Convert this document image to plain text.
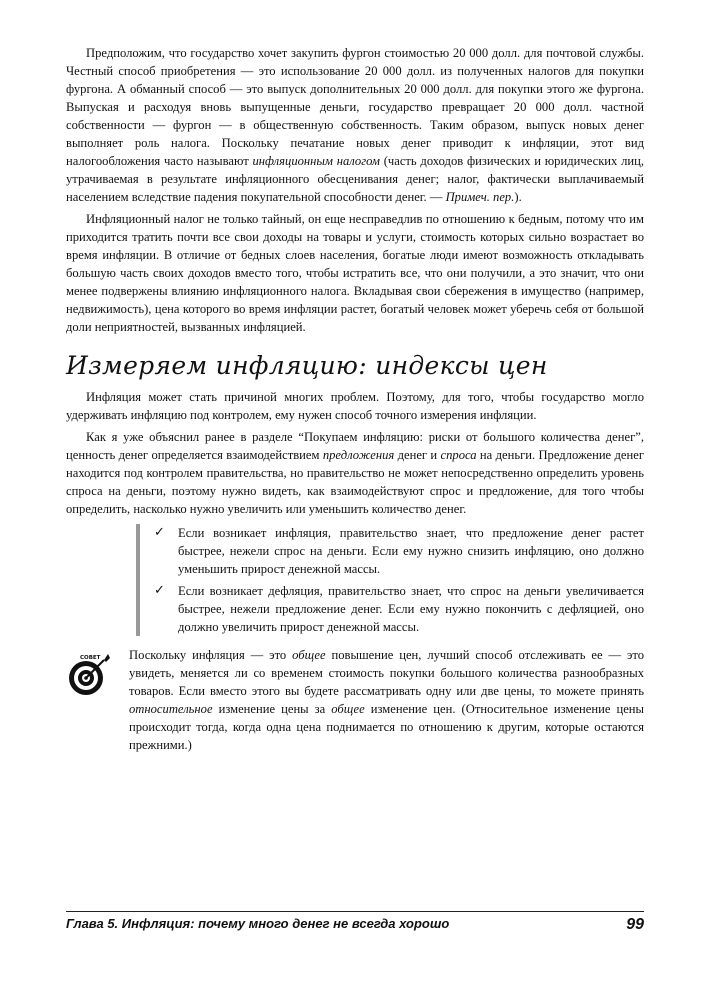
Предположим, что государство хочет закупить фургон стоимостью 20 000 долл. для почтовой службы. Честный способ приобретения — это использование 20 000 долл. из полученных налогов для покупки фургона. А обманный способ — это выпуск дополнительных 20 000 долл. для покупки этого же фургона. Выпуская и расходуя вновь выпущенные деньги, государство превращает 20 000 долл. частной собственности — фургон — в общественную собственность. Таким образом, выпуск новых денег выполняет роль налога. Поскольку печатание новых денег приводит к инфляции, этот вид налогообложения часто называют инфляционным налогом (часть доходов физических и юридических лиц, утрачиваемая в результате инфляционного обесценивания денег; налог, фактически выплачиваемый населением вследствие падения покупательной способности денег. — Примеч. пер.).

Инфляционный налог не только тайный, он еще несправедлив по отношению к бедным, потому что им приходится тратить почти все свои доходы на товары и услуги, стоимость которых сильно возрастает во время инфляции. В отличие от бедных слоев населения, богатые люди имеют возможность откладывать большую часть своих доходов вместо того, чтобы истратить все, что они получили, а это значит, что они менее подвержены влиянию инфляционного налога. Вкладывая свои сбережения в имущество (например, недвижимость), цена которого во время инфляции растет, богатый человек может уберечь себя от большой доли неприятностей, вызванных инфляцией.

Измеряем инфляцию: индексы цен

Инфляция может стать причиной многих проблем. Поэтому, для того, чтобы государство могло удерживать инфляцию под контролем, ему нужен способ точного измерения инфляции.

Как я уже объяснил ранее в разделе “Покупаем инфляцию: риски от большого количества денег”, ценность денег определяется взаимодействием предложения денег и спроса на деньги. Предложение денег находится под контролем правительства, но правительство не может непосредственно определить уровень спроса на деньги, поэтому нужно видеть, как взаимодействуют спрос и предложение, для того чтобы определить, насколько нужно увеличить или уменьшить количество денег.

✓ Если возникает инфляция, правительство знает, что предложение денег растет быстрее, нежели спрос на деньги. Если ему нужно снизить инфляцию, оно должно уменьшить прирост денежной массы.
✓ Если возникает дефляция, правительство знает, что спрос на деньги увеличивается быстрее, нежели предложение денег. Если ему нужно покончить с дефляцией, оно должно увеличить прирост денежной массы.
СОВЕТ Поскольку инфляция — это общее повышение цен, лучший способ отслеживать ее — это увидеть, меняется ли со временем стоимость покупки большого количества разнообразных товаров. Если вместо этого вы будете рассматривать одну или две цены, то можете принять относительное изменение цены за общее изменение цен. (Относительное изменение цены происходит тогда, когда одна цена поднимается по отношению к другим, которые остаются прежними.)

Глава 5. Инфляция: почему много денег не всегда хорошо	99
